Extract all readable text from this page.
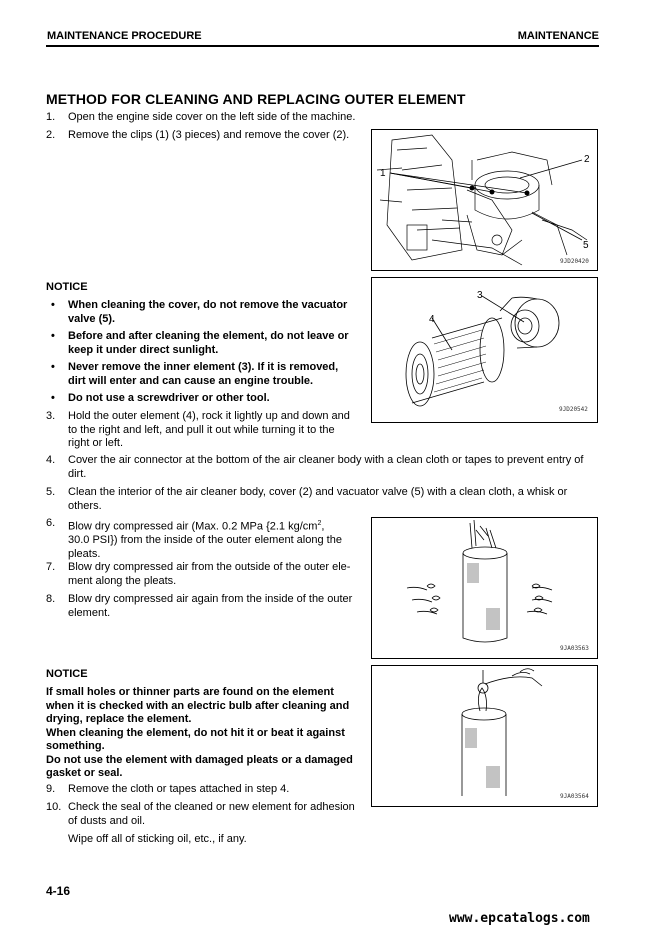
MAINTENANCE PROCEDURE	MAINTENANCE
METHOD FOR CLEANING AND REPLACING OUTER ELEMENT
1. Open the engine side cover on the left side of the machine.
2. Remove the clips (1) (3 pieces) and remove the cover (2).
1
2
5
9JD20420
NOTICE
• When cleaning the cover, do not remove the vacuator
valve (5).
• Before and after cleaning the element, do not leave or
keep it under direct sunlight.
• Never remove the inner element (3). If it is removed,
dirt will enter and can cause an engine trouble.
• Do not use a screwdriver or other tool.
3
4
9JD20542
3. Hold the outer element (4), rock it lightly up and down and
to the right and left, and pull it out while turning it to the
right or left.
4. Cover the air connector at the bottom of the air cleaner body with a clean cloth or tapes to prevent entry of
dirt.
5. Clean the interior of the air cleaner body, cover (2) and vacuator valve (5) with a clean cloth, a whisk or
others.
6. Blow dry compressed air (Max. 0.2 MPa {2.1 $kg/cm^2$,
30.0 PSI}) from the inside of the outer element along the
pleats.
7. Blow dry compressed air from the outside of the outer ele-
ment along the pleats.
8. Blow dry compressed air again from the inside of the outer
element.
9JA03563
NOTICE
If small holes or thinner parts are found on the element
when it is checked with an electric bulb after cleaning and
drying, replace the element.
When cleaning the element, do not hit it or beat it against
something.
Do not use the element with damaged pleats or a damaged
gasket or seal.
9JA03564
9. Remove the cloth or tapes attached in step 4.
10. Check the seal of the cleaned or new element for adhesion
of dusts and oil.
Wipe off all of sticking oil, etc., if any.
4-16
www.epcatalogs.com
